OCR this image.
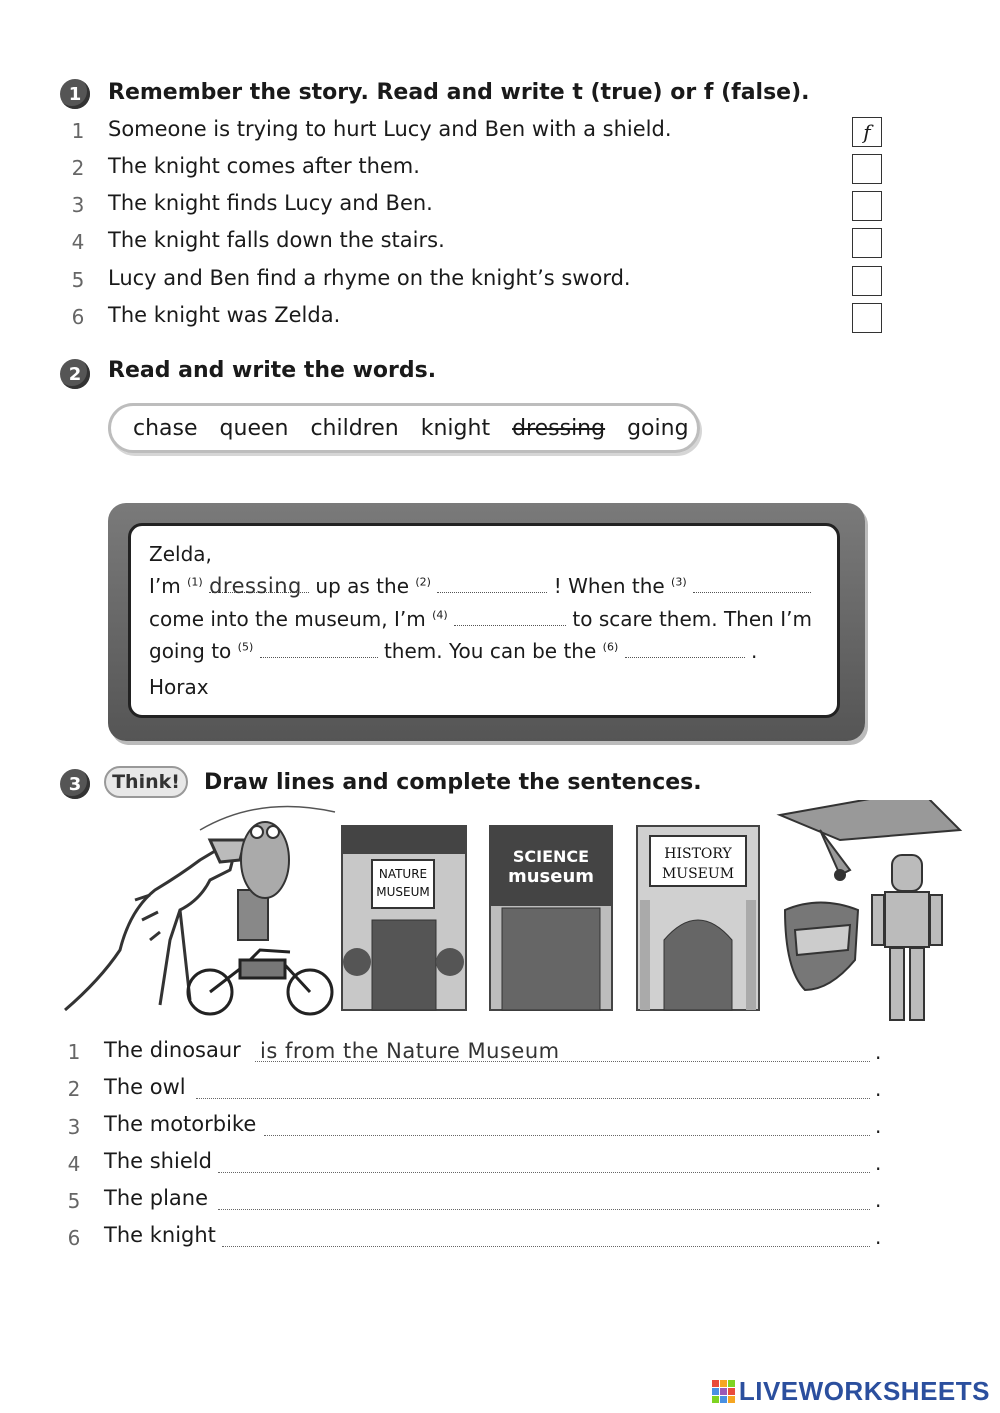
1	Remember the story. Read and write t (true) or f (false).
1 Someone is trying to hurt Lucy and Ben with a shield.	f
2 The knight comes after them.
3 The knight finds Lucy and Ben.
4 The knight falls down the stairs.
5 Lucy and Ben find a rhyme on the knight’s sword.
6 The knight was Zelda.
2	Read and write the words.
chase queen children knight dressing going
Zelda,
I’m $^{(1)}$ dressing up as the $^{(2)}$	! When the $^{(3)}$
come into the museum, I’m $^{(4)}$	to scare them. Then I’m
going to $^{(5)}$	them. You can be the $^{(6)}$	.
Horax
3	Think!	Draw lines and complete the sentences.
NATURE
MUSEUM
SCIENCE
museum
HISTORY
MUSEUM
1 The dinosaur is from the Nature Museum	.
2 The owl	.
3 The motorbike	.
4 The shield	.
5 The plane	.
6 The knight	.
LIVEWORKSHEETS
